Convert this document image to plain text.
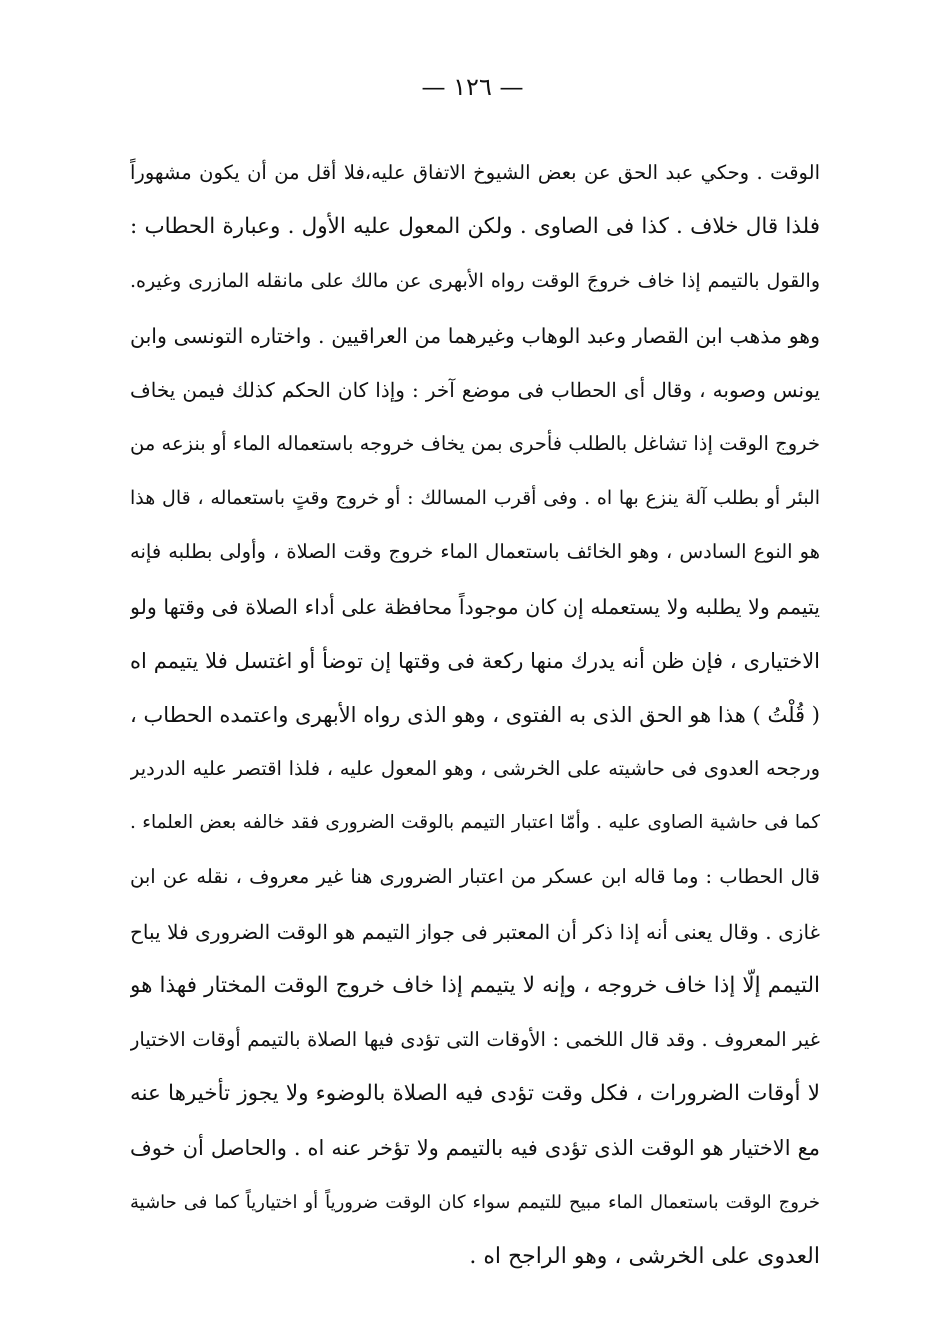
— ١٢٦ —
الوقت . وحكي عبد الحق عن بعض الشيوخ الاتفاق عليه،فلا أقل من أن يكون مشهوراً
فلذا قال خلاف . كذا فى الصاوى . ولكن المعول عليه الأول . وعبارة الحطاب :
والقول بالتيمم إذا خاف خروجَ الوقت رواه الأبهرى عن مالك على مانقله المازرى وغيره.
وهو مذهب ابن القصار وعبد الوهاب وغيرهما من العراقيين . واختاره التونسى وابن
يونس وصوبه ، وقال أى الحطاب فى موضع آخر : وإذا كان الحكم كذلك فيمن يخاف
خروج الوقت إذا تشاغل بالطلب فأحرى بمن يخاف خروجه باستعماله الماء أو بنزعه من
البئر أو بطلب آلة ينزع بها اه . وفى أقرب المسالك : أو خروج وقتٍ باستعماله ، قال هذا
هو النوع السادس ، وهو الخائف باستعمال الماء خروج وقت الصلاة ، وأولى بطلبه فإنه
يتيمم ولا يطلبه ولا يستعمله إن كان موجوداً محافظة على أداء الصلاة فى وقتها ولو
الاختيارى ، فإن ظن أنه يدرك منها ركعة فى وقتها إن توضأ أو اغتسل فلا يتيمم اه
( قُلْتُ ) هذا هو الحق الذى به الفتوى ، وهو الذى رواه الأبهرى واعتمده الحطاب ،
ورجحه العدوى فى حاشيته على الخرشى ، وهو المعول عليه ، فلذا اقتصر عليه الدردير
كما فى حاشية الصاوى عليه . وأمّا اعتبار التيمم بالوقت الضرورى فقد خالفه بعض العلماء .
قال الحطاب : وما قاله ابن عسكر من اعتبار الضرورى هنا غير معروف ، نقله عن ابن
غازى . وقال يعنى أنه إذا ذكر أن المعتبر فى جواز التيمم هو الوقت الضرورى فلا يباح
التيمم إلّا إذا خاف خروجه ، وإنه لا يتيمم إذا خاف خروج الوقت المختار فهذا هو
غير المعروف . وقد قال اللخمى : الأوقات التى تؤدى فيها الصلاة بالتيمم أوقات الاختيار
لا أوقات الضرورات ، فكل وقت تؤدى فيه الصلاة بالوضوء ولا يجوز تأخيرها عنه
مع الاختيار هو الوقت الذى تؤدى فيه بالتيمم ولا تؤخر عنه اه . والحاصل أن خوف
خروج الوقت باستعمال الماء مبيح للتيمم سواء كان الوقت ضرورياً أو اختيارياً كما فى حاشية
العدوى على الخرشى ، وهو الراجح اه .
